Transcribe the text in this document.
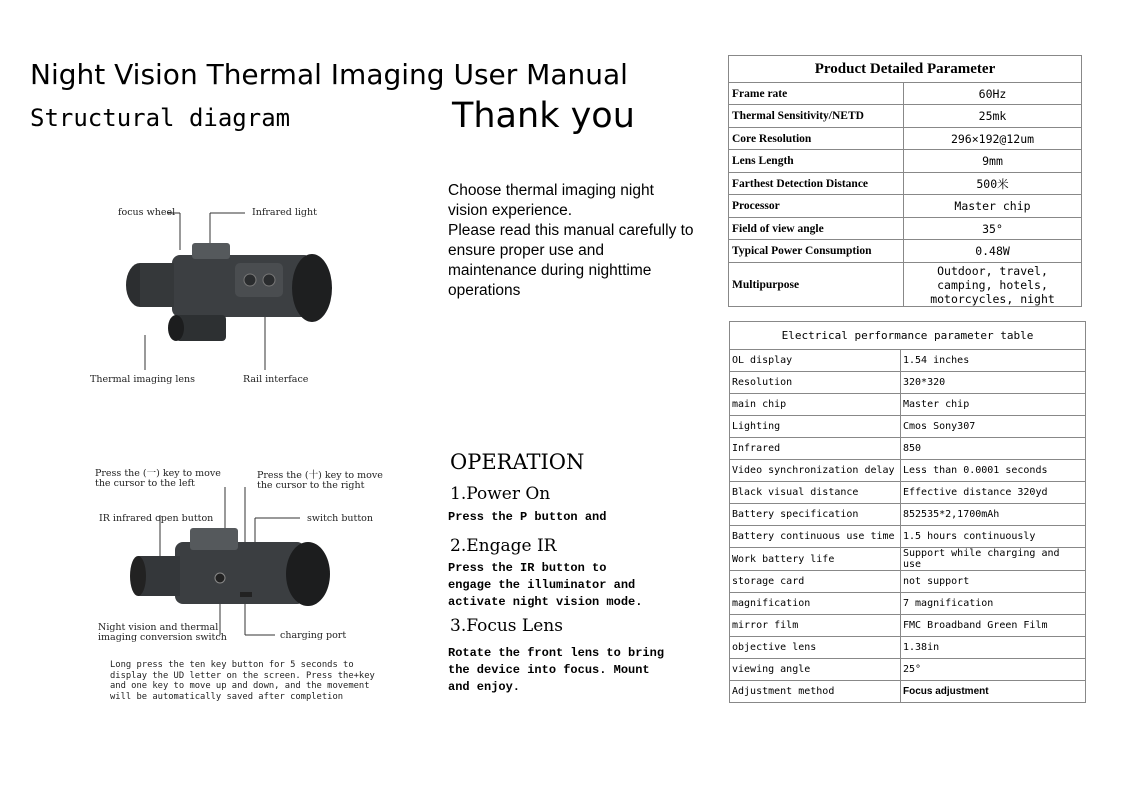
Night Vision Thermal Imaging User Manual
Structural diagram	Thank you
Choose thermal imaging night
vision experience.
Please read this manual carefully to
ensure proper use and
maintenance during nighttime
operations
focus wheel	Infrared light
Thermal imaging lens	Rail interface
Press the (一) key to move
the cursor to the left
Press the (十) key to move
the cursor to the right
IR infrared open button	switch button
Night vision and thermal
imaging conversion switch	charging port
Long press the ten key button for 5 seconds to
display the UD letter on the screen. Press the+key
and one key to move up and down, and the movement
will be automatically saved after completion
OPERATION
1.Power On
Press the P button and
2.Engage IR
Press the IR button to
engage the illuminator and
activate night vision mode.
3.Focus Lens
Rotate the front lens to bring
the device into focus. Mount
and enjoy.
Product Detailed Parameter	
Frame rate	60Hz
Thermal Sensitivity/NETD	25mk
Core Resolution	296×192@12um
Lens Length	9mm
Farthest Detection Distance	500米
Processor	Master chip
Field of view angle	35°
Typical Power Consumption	0.48W
Multipurpose	Outdoor, travel, camping, hotels, motorcycles, night
Electrical performance parameter table	
OL display	1.54 inches
Resolution	320*320
main chip	Master chip
Lighting	Cmos Sony307
Infrared	850
Video synchronization delay	Less than 0.0001 seconds
Black visual distance	Effective distance 320yd
Battery specification	852535*2,1700mAh
Battery continuous use time	1.5 hours continuously
Work battery life	Support while charging and use
storage card	not support
magnification	7 magnification
mirror film	FMC Broadband Green Film
objective lens	1.38in
viewing angle	25°
Adjustment method	Focus adjustment
